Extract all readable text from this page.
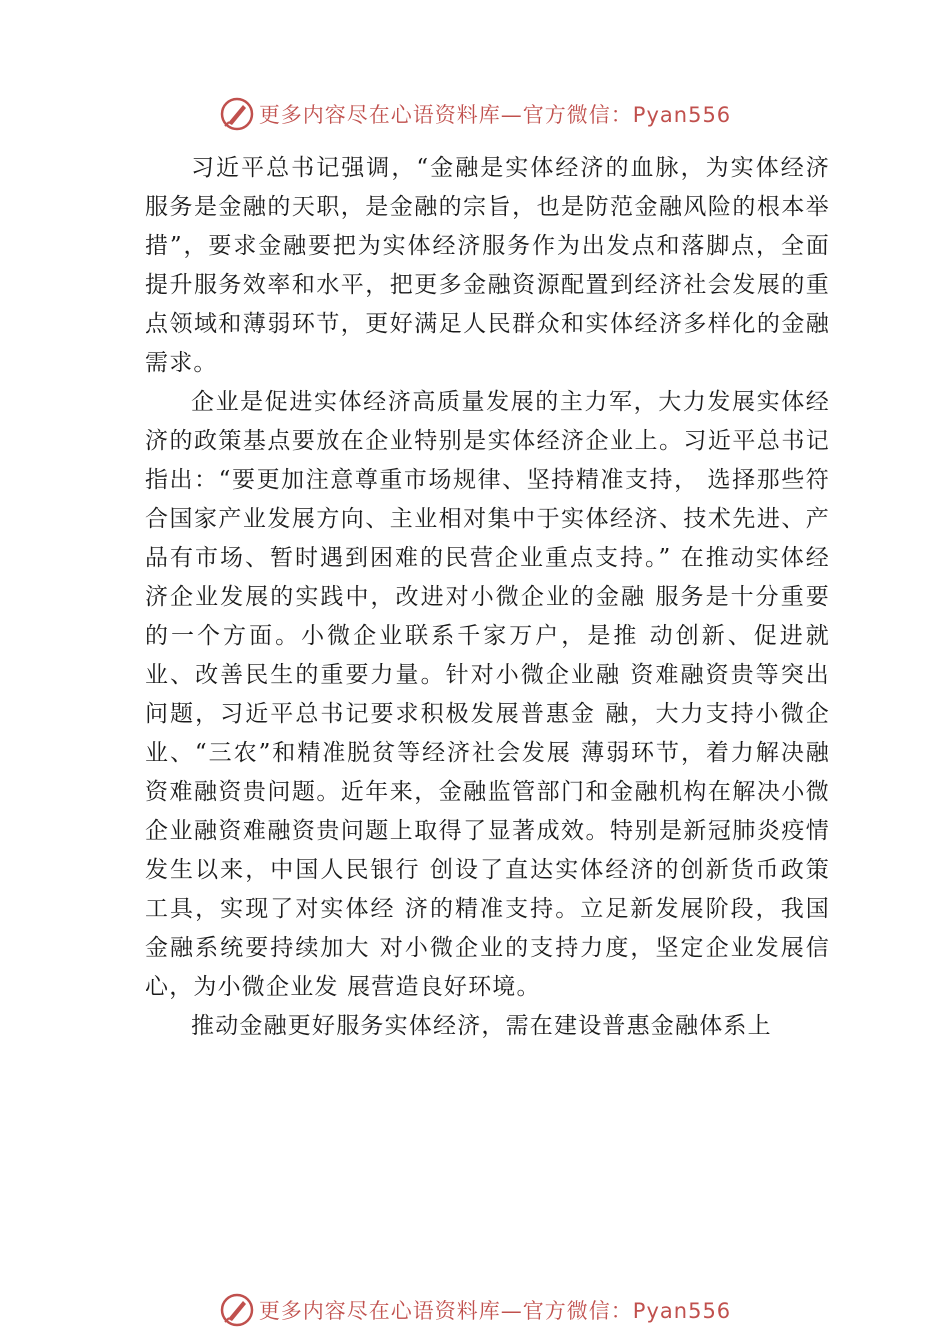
更多内容尽在心语资料库—官方微信：Pyan556

习近平总书记强调，“金融是实体经济的血脉，为实体经济服务是金融的天职，是金融的宗旨，也是防范金融风险的根本举措”，要求金融要把为实体经济服务作为出发点和落脚点，全面提升服务效率和水平，把更多金融资源配置到经济社会发展的重点领域和薄弱环节，更好满足人民群众和实体经济多样化的金融需求。

企业是促进实体经济高质量发展的主力军，大力发展实体经济的政策基点要放在企业特别是实体经济企业上。习近平总书记指出：“要更加注意尊重市场规律、坚持精准支持， 选择那些符合国家产业发展方向、主业相对集中于实体经济、技术先进、产品有市场、暂时遇到困难的民营企业重点支持。” 在推动实体经济企业发展的实践中，改进对小微企业的金融 服务是十分重要的一个方面。小微企业联系千家万户，是推 动创新、促进就业、改善民生的重要力量。针对小微企业融 资难融资贵等突出问题，习近平总书记要求积极发展普惠金 融，大力支持小微企业、“三农”和精准脱贫等经济社会发展 薄弱环节，着力解决融资难融资贵问题。近年来，金融监管部门和金融机构在解决小微企业融资难融资贵问题上取得了显著成效。特别是新冠肺炎疫情发生以来，中国人民银行 创设了直达实体经济的创新货币政策工具，实现了对实体经 济的精准支持。立足新发展阶段，我国金融系统要持续加大 对小微企业的支持力度，坚定企业发展信心，为小微企业发 展营造良好环境。

推动金融更好服务实体经济，需在建设普惠金融体系上

更多内容尽在心语资料库—官方微信：Pyan556
